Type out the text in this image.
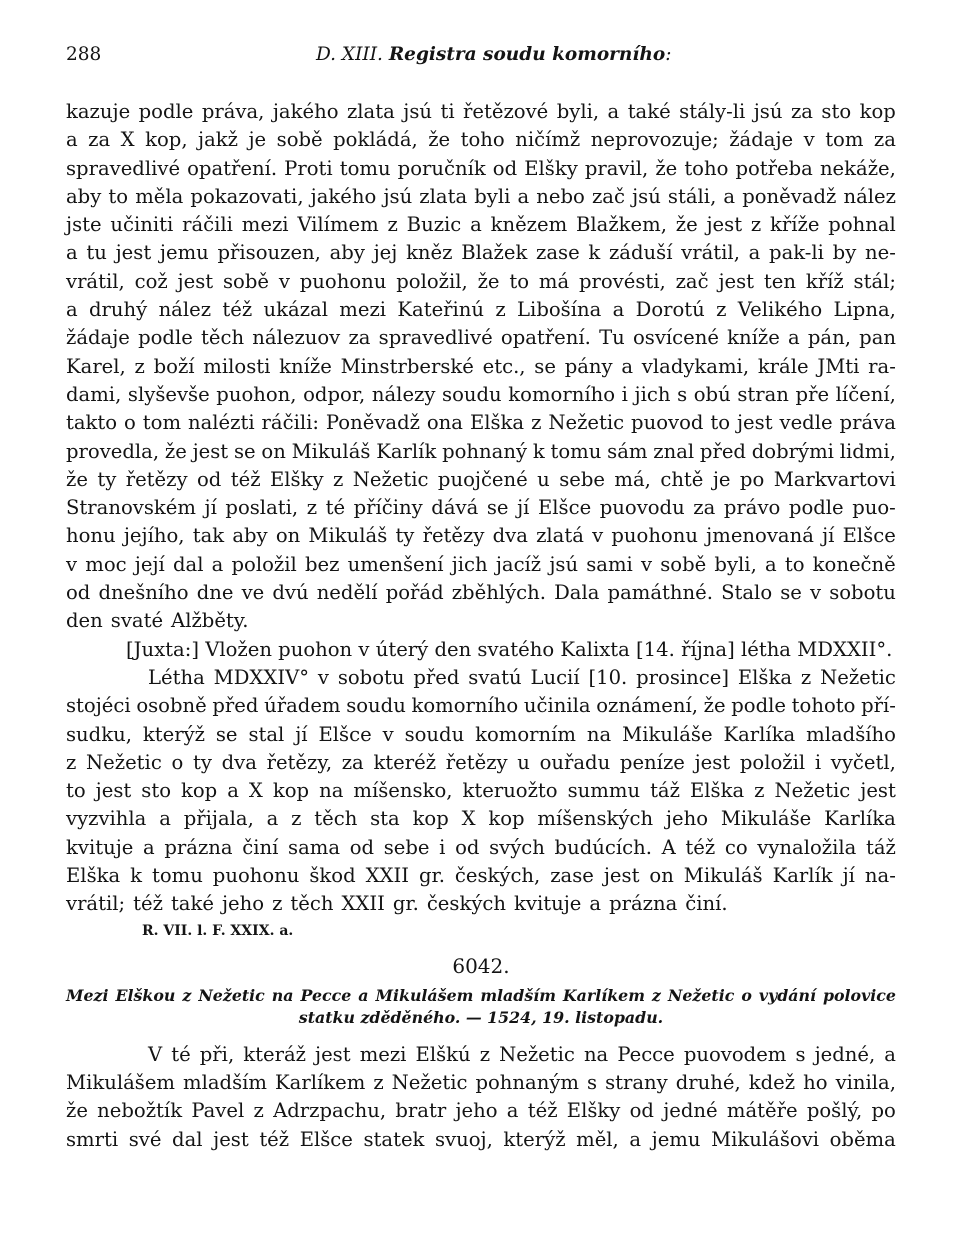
288	D. XIII. Registra soudu komorního:
kazuje podle práva, jakého zlata jsú ti řetězové byli, a také stály-li jsú za sto kop
a za X kop, jakž je sobě pokládá, že toho ničímž neprovozuje; žádaje v tom za
spravedlivé opatření. Proti tomu poručník od Elšky pravil, že toho potřeba nekáže,
aby to měla pokazovati, jakého jsú zlata byli a nebo zač jsú stáli, a poněvadž nález
jste učiniti ráčili mezi Vilímem z Buzic a knězem Blažkem, že jest z kříže pohnal
a tu jest jemu přisouzen, aby jej kněz Blažek zase k záduší vrátil, a pak-li by ne-
vrátil, což jest sobě v puohonu položil, že to má provésti, zač jest ten kříž stál;
a druhý nález též ukázal mezi Kateřinú z Libošína a Dorotú z Velikého Lipna,
žádaje podle těch nálezuov za spravedlivé opatření. Tu osvícené kníže a pán, pan
Karel, z boží milosti kníže Minstrberské etc., se pány a vladykami, krále JMti ra-
dami, slyševše puohon, odpor, nálezy soudu komorního i jich s obú stran pře líčení,
takto o tom nalézti ráčili: Poněvadž ona Elška z Nežetic puovod to jest vedle práva
provedla, že jest se on Mikuláš Karlík pohnaný k tomu sám znal před dobrými lidmi,
že ty řetězy od též Elšky z Nežetic puojčené u sebe má, chtě je po Markvartovi
Stranovském jí poslati, z té příčiny dává se jí Elšce puovodu za právo podle puo-
honu jejího, tak aby on Mikuláš ty řetězy dva zlatá v puohonu jmenovaná jí Elšce
v moc její dal a položil bez umenšení jich jacíž jsú sami v sobě byli, a to konečně
od dnešního dne ve dvú nedělí pořád zběhlých. Dala památhné. Stalo se v sobotu
den svaté Alžběty.
[Juxta:] Vložen puohon v úterý den svatého Kalixta [14. října] létha MDXXII°.
Létha MDXXIV° v sobotu před svatú Lucií [10. prosince] Elška z Nežetic
stojéci osobně před úřadem soudu komorního učinila oznámení, že podle tohoto pří-
sudku, kterýž se stal jí Elšce v soudu komorním na Mikuláše Karlíka mladšího
z Nežetic o ty dva řetězy, za kteréž řetězy u ouřadu peníze jest položil i vyčetl,
to jest sto kop a X kop na míšensko, kteruožto summu táž Elška z Nežetic jest
vyzvihla a přijala, a z těch sta kop X kop míšenských jeho Mikuláše Karlíka
kvituje a prázna činí sama od sebe i od svých budúcích. A též co vynaložila táž
Elška k tomu puohonu škod XXII gr. českých, zase jest on Mikuláš Karlík jí na-
vrátil; též také jeho z těch XXII gr. českých kvituje a prázna činí.
R. VII. l. F. XXIX. a.
6042.
Mezi Elškou z Nežetic na Pecce a Mikulášem mladším Karlíkem z Nežetic o vydání polovice
statku zděděného. — 1524, 19. listopadu.
V té při, kteráž jest mezi Elškú z Nežetic na Pecce puovodem s jedné, a
Mikulášem mladším Karlíkem z Nežetic pohnaným s strany druhé, kdež ho vinila,
že nebožtík Pavel z Adrzpachu, bratr jeho a též Elšky od jedné mátěře pošlý, po
smrti své dal jest též Elšce statek svuoj, kterýž měl, a jemu Mikulášovi oběma
